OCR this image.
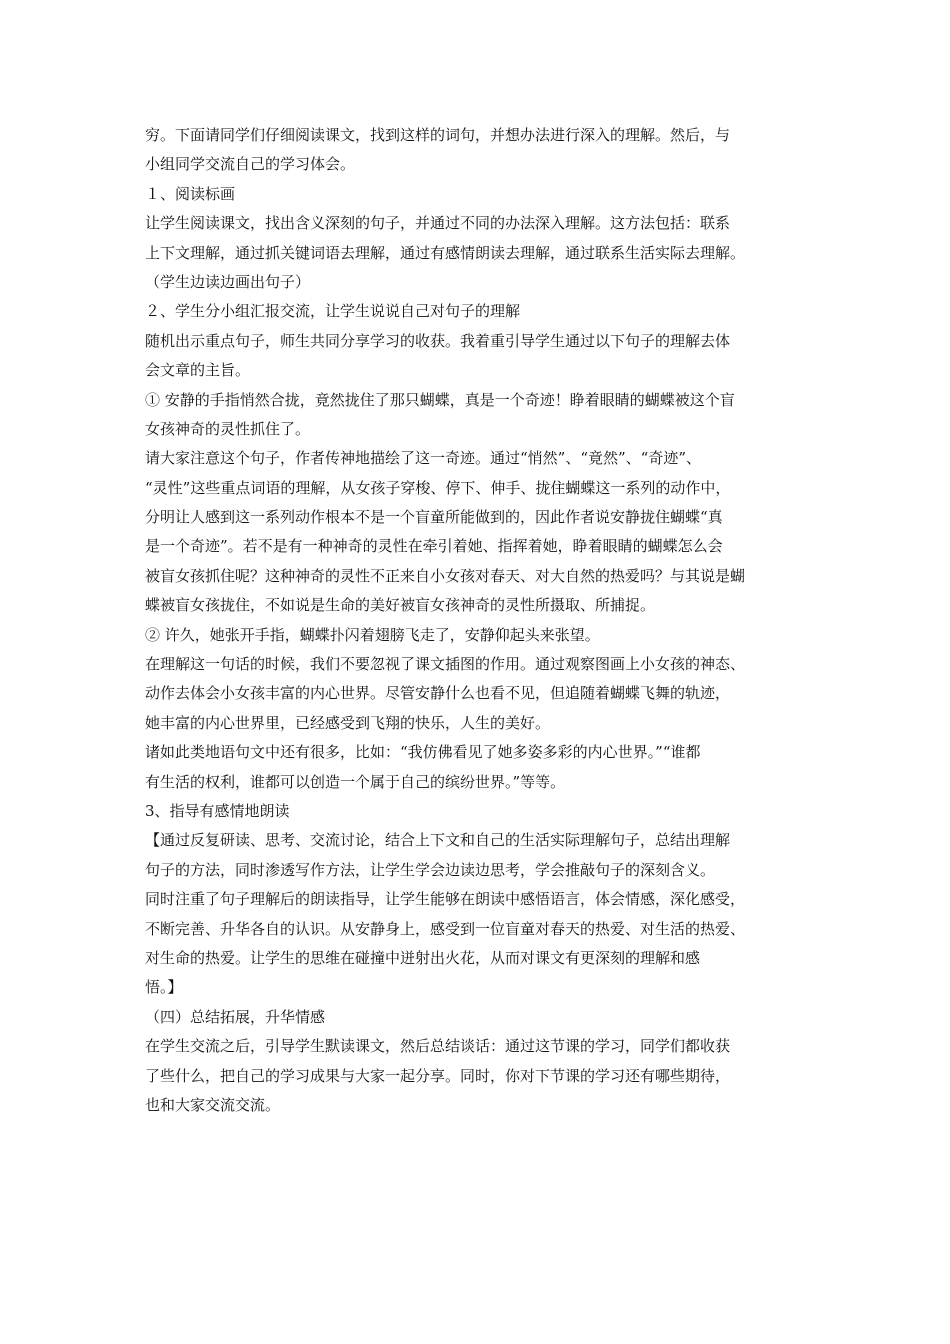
穷。下面请同学们仔细阅读课文，找到这样的词句，并想办法进行深入的理解。然后，与
小组同学交流自己的学习体会。
１、阅读标画
让学生阅读课文，找出含义深刻的句子，并通过不同的办法深入理解。这方法包括：联系
上下文理解，通过抓关键词语去理解，通过有感情朗读去理解，通过联系生活实际去理解。
（学生边读边画出句子）
２、学生分小组汇报交流，让学生说说自己对句子的理解
随机出示重点句子，师生共同分享学习的收获。我着重引导学生通过以下句子的理解去体
会文章的主旨。
① 安静的手指悄然合拢，竟然拢住了那只蝴蝶，真是一个奇迹！睁着眼睛的蝴蝶被这个盲
女孩神奇的灵性抓住了。
请大家注意这个句子，作者传神地描绘了这一奇迹。通过“悄然”、“竟然”、“奇迹”、
“灵性”这些重点词语的理解，从女孩子穿梭、停下、伸手、拢住蝴蝶这一系列的动作中，
分明让人感到这一系列动作根本不是一个盲童所能做到的，因此作者说安静拢住蝴蝶“真
是一个奇迹”。若不是有一种神奇的灵性在牵引着她、指挥着她，睁着眼睛的蝴蝶怎么会
被盲女孩抓住呢？这种神奇的灵性不正来自小女孩对春天、对大自然的热爱吗？与其说是蝴
蝶被盲女孩拢住，不如说是生命的美好被盲女孩神奇的灵性所摄取、所捕捉。
② 许久，她张开手指，蝴蝶扑闪着翅膀飞走了，安静仰起头来张望。
在理解这一句话的时候，我们不要忽视了课文插图的作用。通过观察图画上小女孩的神态、
动作去体会小女孩丰富的内心世界。尽管安静什么也看不见，但追随着蝴蝶飞舞的轨迹，
她丰富的内心世界里，已经感受到飞翔的快乐，人生的美好。
诸如此类地语句文中还有很多，比如：“我仿佛看见了她多姿多彩的内心世界。”“谁都
有生活的权利，谁都可以创造一个属于自己的缤纷世界。”等等。
3、指导有感情地朗读
【通过反复研读、思考、交流讨论，结合上下文和自己的生活实际理解句子，总结出理解
句子的方法，同时渗透写作方法，让学生学会边读边思考，学会推敲句子的深刻含义。
同时注重了句子理解后的朗读指导，让学生能够在朗读中感悟语言，体会情感，深化感受，
不断完善、升华各自的认识。从安静身上，感受到一位盲童对春天的热爱、对生活的热爱、
对生命的热爱。让学生的思维在碰撞中迸射出火花，从而对课文有更深刻的理解和感
悟。】
（四）总结拓展，升华情感
在学生交流之后，引导学生默读课文，然后总结谈话：通过这节课的学习，同学们都收获
了些什么，把自己的学习成果与大家一起分享。同时，你对下节课的学习还有哪些期待，
也和大家交流交流。
